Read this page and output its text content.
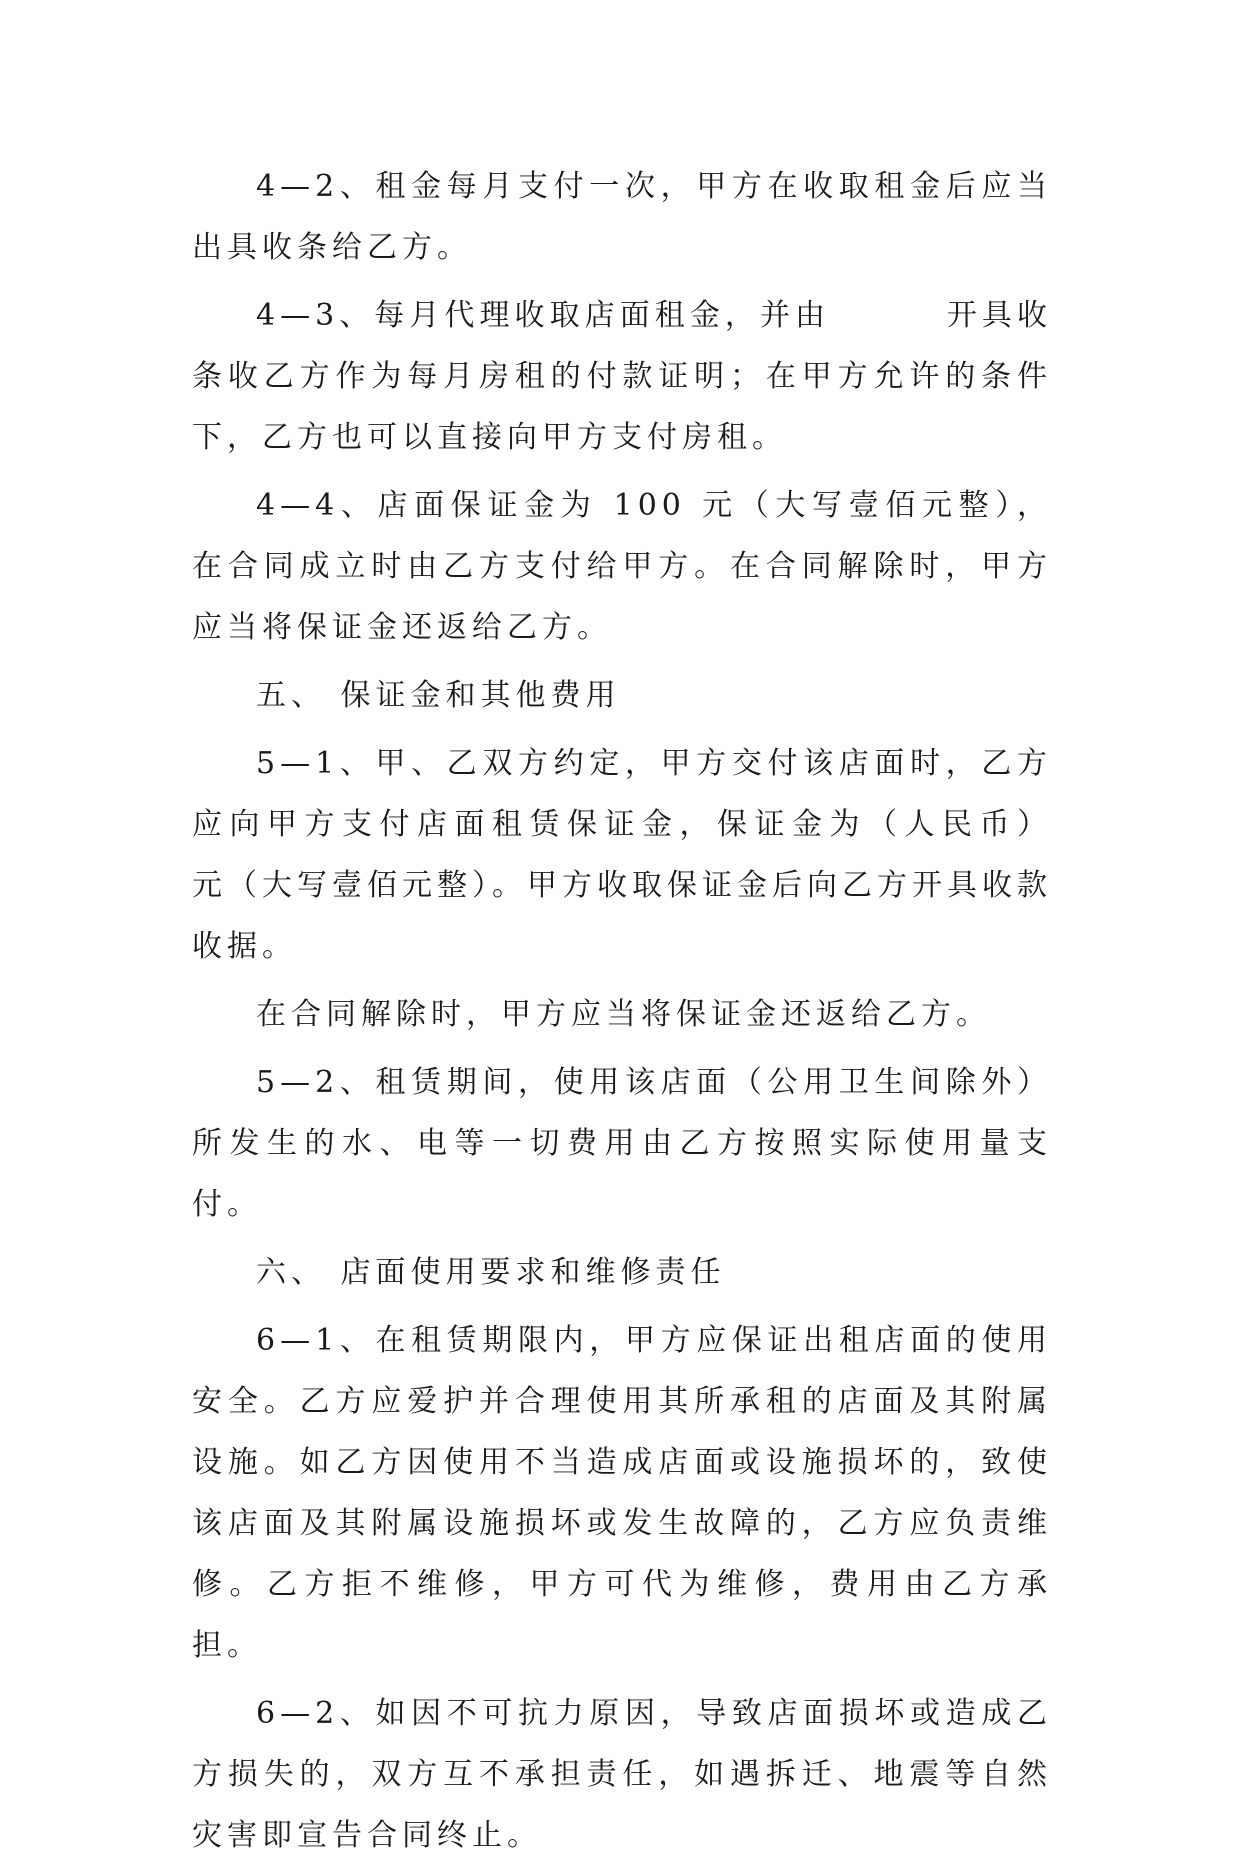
4—2、租金每月支付一次，甲方在收取租金后应当出具收条给乙方。

4—3、每月代理收取店面租金，并由        开具收条收乙方作为每月房租的付款证明；在甲方允许的条件下，乙方也可以直接向甲方支付房租。

4—4、店面保证金为 100 元（大写壹佰元整），在合同成立时由乙方支付给甲方。在合同解除时，甲方应当将保证金还返给乙方。

五、 保证金和其他费用

5—1、甲、乙双方约定，甲方交付该店面时，乙方应向甲方支付店面租赁保证金，保证金为（人民币）      元（大写壹佰元整）。甲方收取保证金后向乙方开具收款收据。

在合同解除时，甲方应当将保证金还返给乙方。

5—2、租赁期间，使用该店面（公用卫生间除外）所发生的水、电等一切费用由乙方按照实际使用量支付。

六、 店面使用要求和维修责任

6—1、在租赁期限内，甲方应保证出租店面的使用安全。乙方应爱护并合理使用其所承租的店面及其附属设施。如乙方因使用不当造成店面或设施损坏的，致使该店面及其附属设施损坏或发生故障的，乙方应负责维修。乙方拒不维修，甲方可代为维修，费用由乙方承担。

6—2、如因不可抗力原因，导致店面损坏或造成乙方损失的，双方互不承担责任，如遇拆迁、地震等自然灾害即宣告合同终止。
